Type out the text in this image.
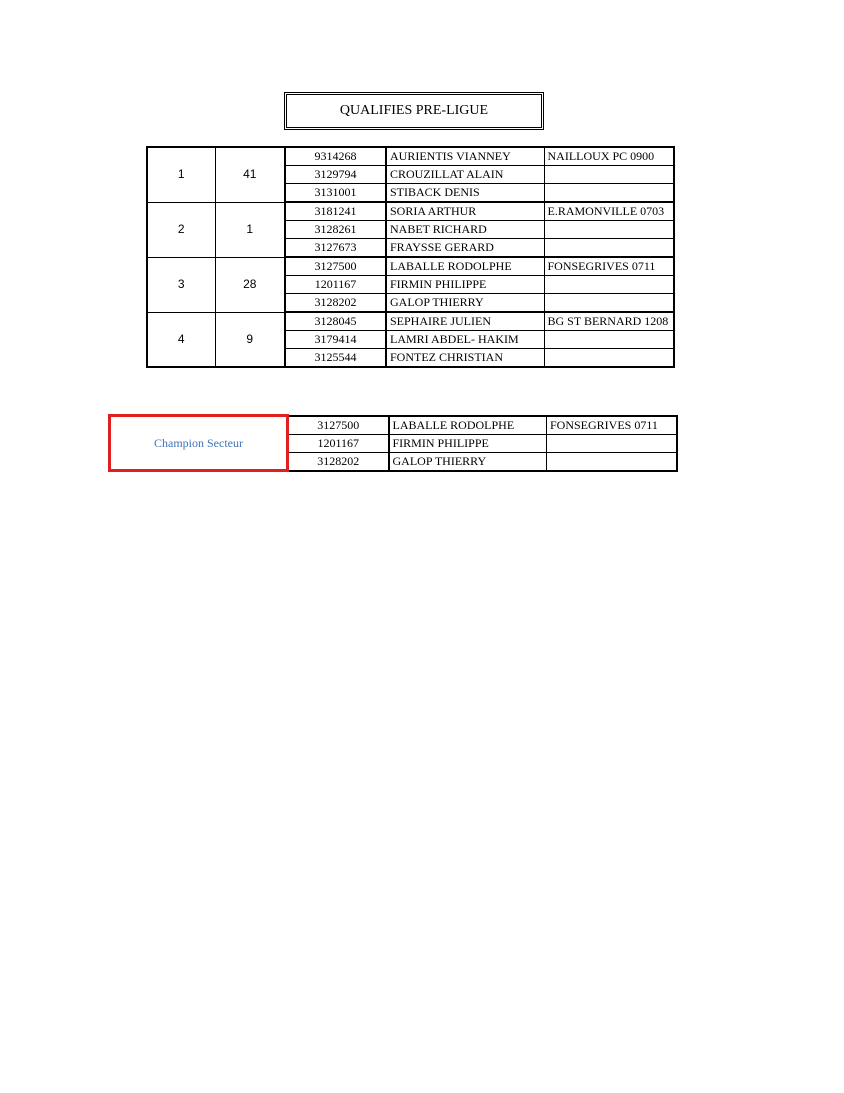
QUALIFIES PRE-LIGUE
1	41	9314268	AURIENTIS VIANNEY	NAILLOUX PC 0900
		3129794	CROUZILLAT ALAIN	
		3131001	STIBACK DENIS	
2	1	3181241	SORIA ARTHUR	E.RAMONVILLE 0703
		3128261	NABET RICHARD	
		3127673	FRAYSSE GERARD	
3	28	3127500	LABALLE RODOLPHE	FONSEGRIVES 0711
		1201167	FIRMIN PHILIPPE	
		3128202	GALOP THIERRY	
4	9	3128045	SEPHAIRE JULIEN	BG ST BERNARD 1208
		3179414	LAMRI ABDEL- HAKIM	
		3125544	FONTEZ CHRISTIAN	
Champion Secteur	3127500	LABALLE RODOLPHE	FONSEGRIVES 0711
	1201167	FIRMIN PHILIPPE	
	3128202	GALOP THIERRY	
